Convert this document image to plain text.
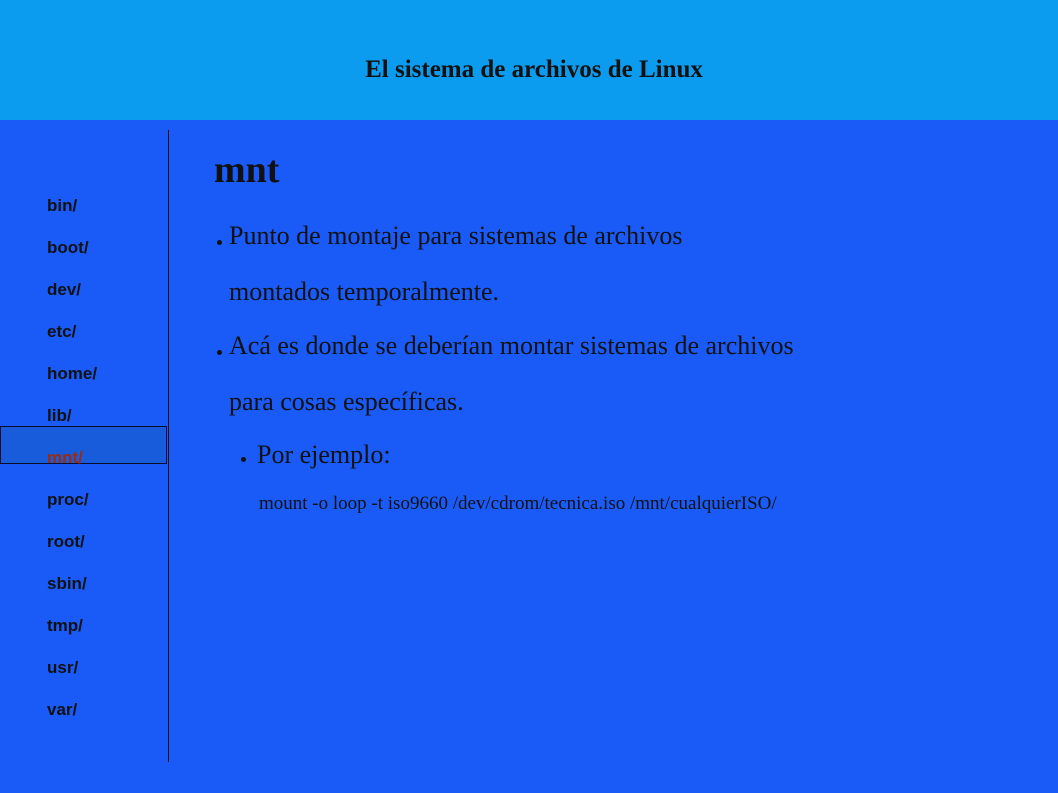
El sistema de archivos de Linux
bin/
boot/
dev/
etc/
home/
lib/
mnt/
proc/
root/
sbin/
tmp/
usr/
var/
mnt
Punto de montaje para sistemas de archivos
montados temporalmente.
Acá es donde se deberían montar sistemas de archivos
para cosas específicas.
Por ejemplo:
mount -o loop -t iso9660 /dev/cdrom/tecnica.iso /mnt/cualquierISO/
